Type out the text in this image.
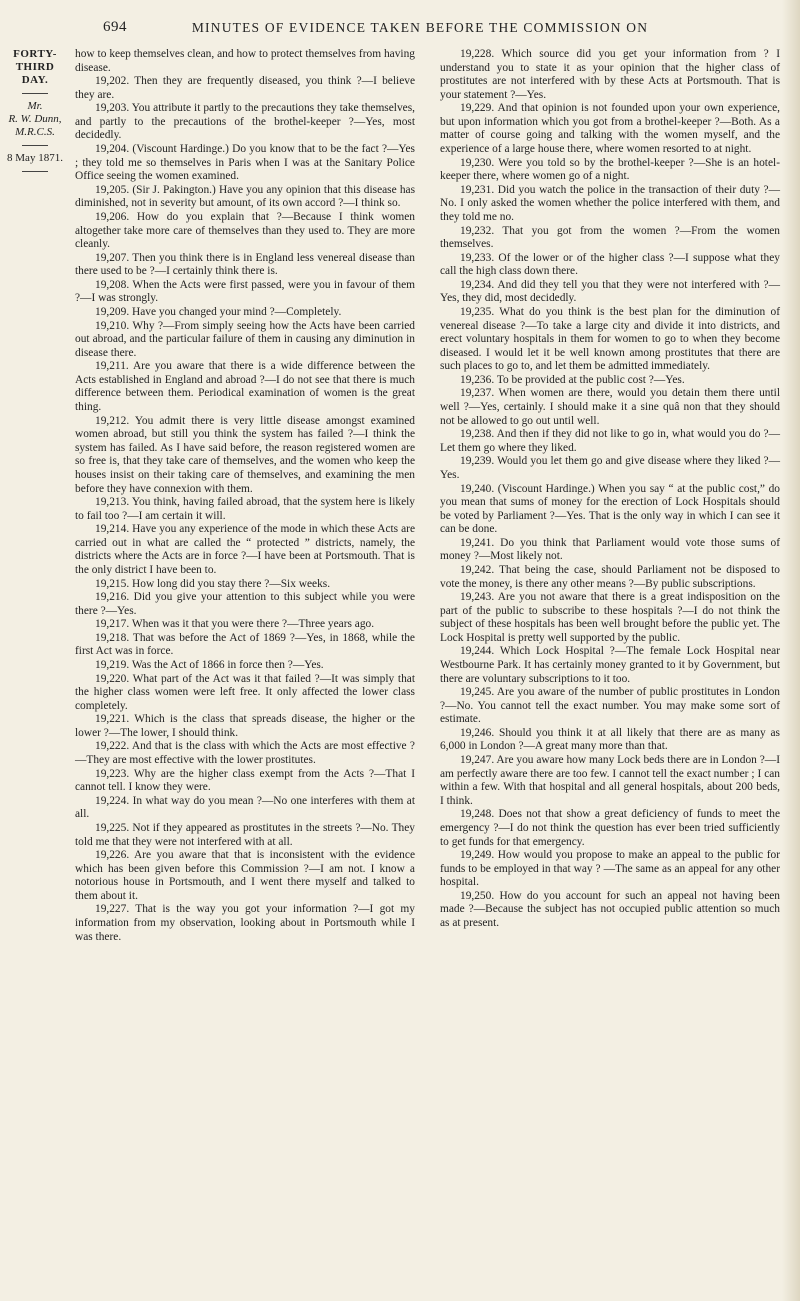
694	MINUTES OF EVIDENCE TAKEN BEFORE THE COMMISSION ON
FORTY-
THIRD DAY.
Mr.
R. W. Dunn,
M.R.C.S.
8 May 1871.

how to keep themselves clean, and how to protect themselves from having disease.

19,202. Then they are frequently diseased, you think ?—I believe they are.

19,203. You attribute it partly to the precautions they take themselves, and partly to the precautions of the brothel-keeper ?—Yes, most decidedly.

19,204. (Viscount Hardinge.) Do you know that to be the fact ?—Yes ; they told me so themselves in Paris when I was at the Sanitary Police Office seeing the women examined.

19,205. (Sir J. Pakington.) Have you any opinion that this disease has diminished, not in severity but amount, of its own accord ?—I think so.

19,206. How do you explain that ?—Because I think women altogether take more care of themselves than they used to. They are more cleanly.

19,207. Then you think there is in England less venereal disease than there used to be ?—I certainly think there is.

19,208. When the Acts were first passed, were you in favour of them ?—I was strongly.

19,209. Have you changed your mind ?—Completely.

19,210. Why ?—From simply seeing how the Acts have been carried out abroad, and the particular failure of them in causing any diminution in disease there.

19,211. Are you aware that there is a wide difference between the Acts established in England and abroad ?—I do not see that there is much difference between them. Periodical examination of women is the great thing.

19,212. You admit there is very little disease amongst examined women abroad, but still you think the system has failed ?—I think the system has failed. As I have said before, the reason registered women are so free is, that they take care of themselves, and the women who keep the houses insist on their taking care of themselves, and examining the men before they have connexion with them.

19,213. You think, having failed abroad, that the system here is likely to fail too ?—I am certain it will.

19,214. Have you any experience of the mode in which these Acts are carried out in what are called the “ protected ” districts, namely, the districts where the Acts are in force ?—I have been at Portsmouth. That is the only district I have been to.

19,215. How long did you stay there ?—Six weeks.

19,216. Did you give your attention to this subject while you were there ?—Yes.

19,217. When was it that you were there ?—Three years ago.

19,218. That was before the Act of 1869 ?—Yes, in 1868, while the first Act was in force.

19,219. Was the Act of 1866 in force then ?—Yes.

19,220. What part of the Act was it that failed ?—It was simply that the higher class women were left free. It only affected the lower class completely.

19,221. Which is the class that spreads disease, the higher or the lower ?—The lower, I should think.

19,222. And that is the class with which the Acts are most effective ?—They are most effective with the lower prostitutes.

19,223. Why are the higher class exempt from the Acts ?—That I cannot tell. I know they were.

19,224. In what way do you mean ?—No one interferes with them at all.

19,225. Not if they appeared as prostitutes in the streets ?—No. They told me that they were not interfered with at all.

19,226. Are you aware that that is inconsistent with the evidence which has been given before this Commission ?—I am not. I know a notorious house in Portsmouth, and I went there myself and talked to them about it.

19,227. That is the way you got your information ?—I got my information from my observation, looking about in Portsmouth while I was there.

19,228. Which source did you get your information from ? I understand you to state it as your opinion that the higher class of prostitutes are not interfered with by these Acts at Portsmouth. That is your statement ?—Yes.

19,229. And that opinion is not founded upon your own experience, but upon information which you got from a brothel-keeper ?—Both. As a matter of course going and talking with the women myself, and the experience of a large house there, where women resorted to at night.

19,230. Were you told so by the brothel-keeper ?—She is an hotel-keeper there, where women go of a night.

19,231. Did you watch the police in the transaction of their duty ?—No. I only asked the women whether the police interfered with them, and they told me no.

19,232. That you got from the women ?—From the women themselves.

19,233. Of the lower or of the higher class ?—I suppose what they call the high class down there.

19,234. And did they tell you that they were not interfered with ?—Yes, they did, most decidedly.

19,235. What do you think is the best plan for the diminution of venereal disease ?—To take a large city and divide it into districts, and erect voluntary hospitals in them for women to go to when they become diseased. I would let it be well known among prostitutes that there are such places to go to, and let them be admitted immediately.

19,236. To be provided at the public cost ?—Yes.

19,237. When women are there, would you detain them there until well ?—Yes, certainly. I should make it a sine quâ non that they should not be allowed to go out until well.

19,238. And then if they did not like to go in, what would you do ?—Let them go where they liked.

19,239. Would you let them go and give disease where they liked ?—Yes.

19,240. (Viscount Hardinge.) When you say “ at the public cost,” do you mean that sums of money for the erection of Lock Hospitals should be voted by Parliament ?—Yes. That is the only way in which I can see it can be done.

19,241. Do you think that Parliament would vote those sums of money ?—Most likely not.

19,242. That being the case, should Parliament not be disposed to vote the money, is there any other means ?—By public subscriptions.

19,243. Are you not aware that there is a great indisposition on the part of the public to subscribe to these hospitals ?—I do not think the subject of these hospitals has been well brought before the public yet. The Lock Hospital is pretty well supported by the public.

19,244. Which Lock Hospital ?—The female Lock Hospital near Westbourne Park. It has certainly money granted to it by Government, but there are voluntary subscriptions to it too.

19,245. Are you aware of the number of public prostitutes in London ?—No. You cannot tell the exact number. You may make some sort of estimate.

19,246. Should you think it at all likely that there are as many as 6,000 in London ?—A great many more than that.

19,247. Are you aware how many Lock beds there are in London ?—I am perfectly aware there are too few. I cannot tell the exact number ; I can within a few. With that hospital and all general hospitals, about 200 beds, I think.

19,248. Does not that show a great deficiency of funds to meet the emergency ?—I do not think the question has ever been tried sufficiently to get funds for that emergency.

19,249. How would you propose to make an appeal to the public for funds to be employed in that way ? —The same as an appeal for any other hospital.

19,250. How do you account for such an appeal not having been made ?—Because the subject has not occupied public attention so much as at present.
